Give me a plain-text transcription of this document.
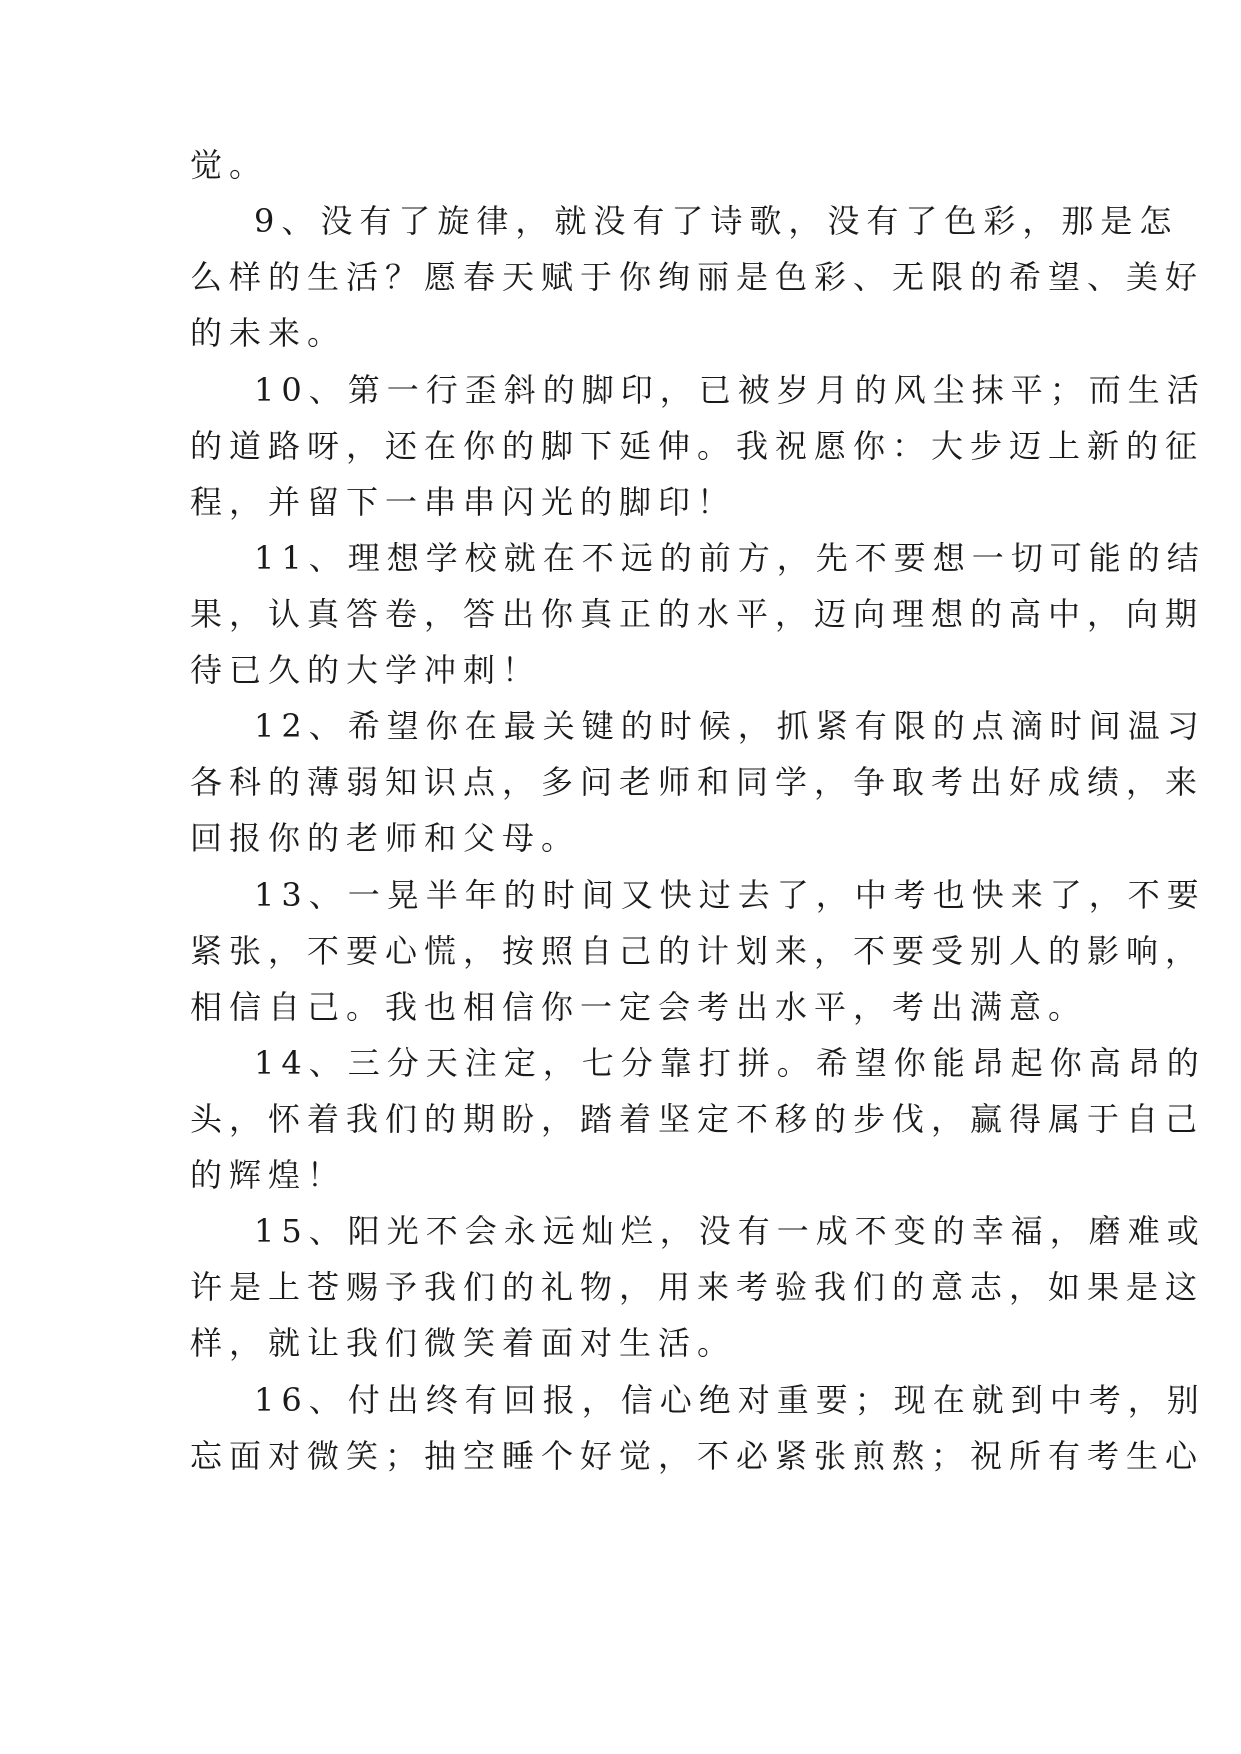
觉。
9、没有了旋律，就没有了诗歌，没有了色彩，那是怎
么样的生活？愿春天赋于你绚丽是色彩、无限的希望、美好
的未来。
10、第一行歪斜的脚印，已被岁月的风尘抹平；而生活
的道路呀，还在你的脚下延伸。我祝愿你：大步迈上新的征
程，并留下一串串闪光的脚印！
11、理想学校就在不远的前方，先不要想一切可能的结
果，认真答卷，答出你真正的水平，迈向理想的高中，向期
待已久的大学冲刺！
12、希望你在最关键的时候，抓紧有限的点滴时间温习
各科的薄弱知识点，多问老师和同学，争取考出好成绩，来
回报你的老师和父母。
13、一晃半年的时间又快过去了，中考也快来了，不要
紧张，不要心慌，按照自己的计划来，不要受别人的影响，
相信自己。我也相信你一定会考出水平，考出满意。
14、三分天注定，七分靠打拼。希望你能昂起你高昂的
头，怀着我们的期盼，踏着坚定不移的步伐，赢得属于自己
的辉煌！
15、阳光不会永远灿烂，没有一成不变的幸福，磨难或
许是上苍赐予我们的礼物，用来考验我们的意志，如果是这
样，就让我们微笑着面对生活。
16、付出终有回报，信心绝对重要；现在就到中考，别
忘面对微笑；抽空睡个好觉，不必紧张煎熬；祝所有考生心
